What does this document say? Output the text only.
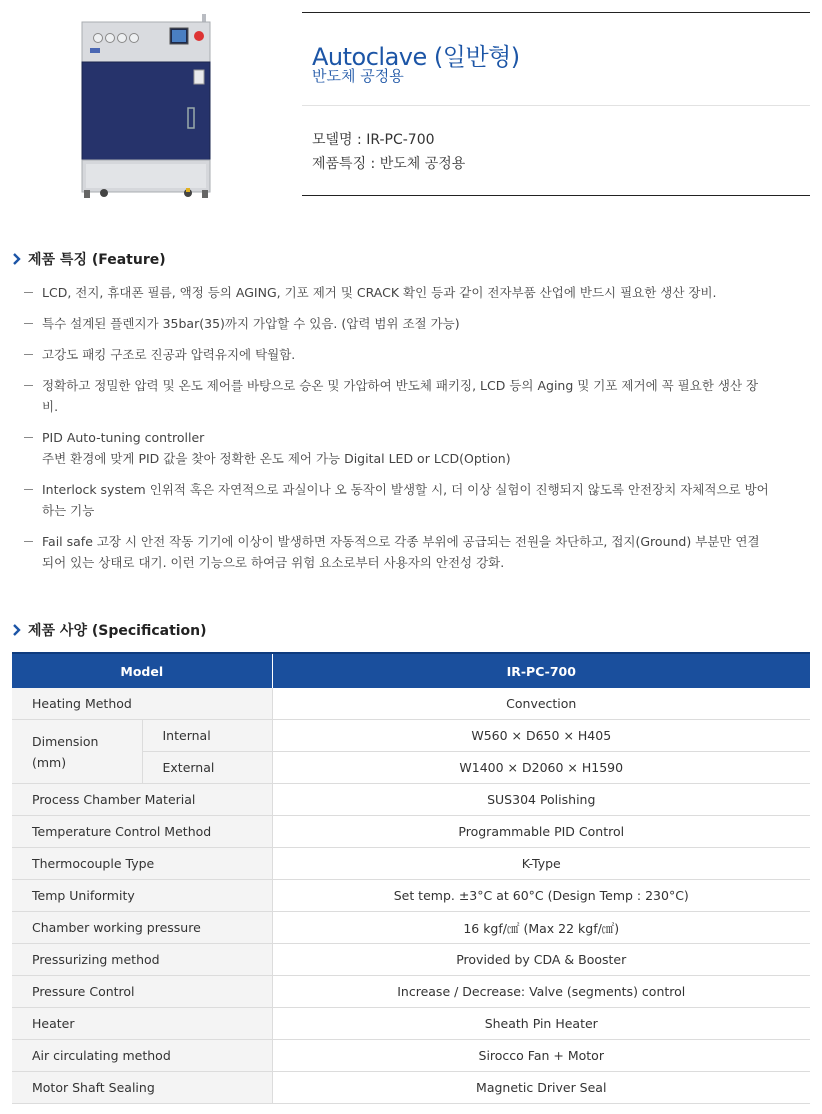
Autoclave (일반형)
반도체 공정용
모델명 : IR-PC-700
제품특징 : 반도체 공정용
제품 특징 (Feature)
LCD, 전지, 휴대폰 필름, 액정 등의 AGING, 기포 제거 및 CRACK 확인 등과 같이 전자부품 산업에 반드시 필요한 생산 장비.
특수 설계된 플렌지가 35bar(35)까지 가압할 수 있음. (압력 범위 조절 가능)
고강도 패킹 구조로 진공과 압력유지에 탁월함.
정확하고 정밀한 압력 및 온도 제어를 바탕으로 승온 및 가압하여 반도체 패키징, LCD 등의 Aging 및 기포 제거에 꼭 필요한 생산 장
비.
PID Auto-tuning controller
주변 환경에 맞게 PID 값을 찾아 정확한 온도 제어 가능 Digital LED or LCD(Option)
Interlock system 인위적 혹은 자연적으로 과실이나 오 동작이 발생할 시, 더 이상 실험이 진행되지 않도록 안전장치 자체적으로 방어
하는 기능
Fail safe 고장 시 안전 작동 기기에 이상이 발생하면 자동적으로 각종 부위에 공급되는 전원을 차단하고, 접지(Ground) 부분만 연결
되어 있는 상태로 대기. 이런 기능으로 하여금 위험 요소로부터 사용자의 안전성 강화.
제품 사양 (Specification)
Model		IR-PC-700
Heating Method		Convection

Dimension
(mm)	Internal	W560 × D650 × H405
	External	W1400 × D2060 × H1590
Process Chamber Material		SUS304 Polishing
Temperature Control Method		Programmable PID Control
Thermocouple Type		K-Type
Temp Uniformity		Set temp. ±3°C at 60°C (Design Temp : 230°C)
Chamber working pressure		16 kgf/㎠ (Max 22 kgf/㎠)
Pressurizing method		Provided by CDA & Booster
Pressure Control		Increase / Decrease: Valve (segments) control
Heater		Sheath Pin Heater
Air circulating method		Sirocco Fan + Motor
Motor Shaft Sealing		Magnetic Driver Seal
